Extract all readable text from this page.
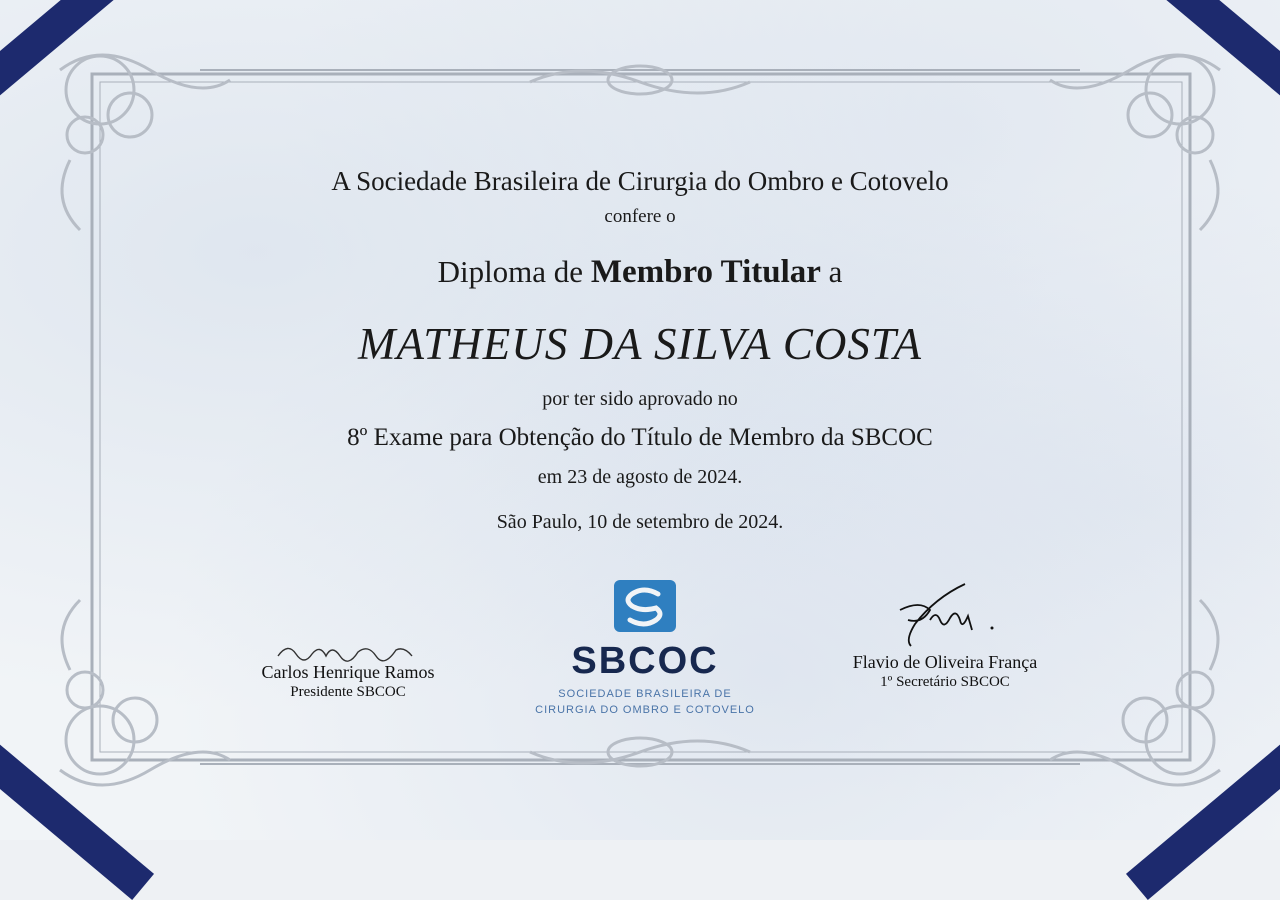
A Sociedade Brasileira de Cirurgia do Ombro e Cotovelo
confere o
Diploma de Membro Titular a
MATHEUS DA SILVA COSTA
por ter sido aprovado no
8º Exame para Obtenção do Título de Membro da SBCOC
em 23 de agosto de 2024.
São Paulo, 10 de setembro de 2024.
Carlos Henrique Ramos
Presidente SBCOC
SBCOC
SOCIEDADE BRASILEIRA DE
CIRURGIA DO OMBRO E COTOVELO
Flavio de Oliveira França
1º Secretário SBCOC
